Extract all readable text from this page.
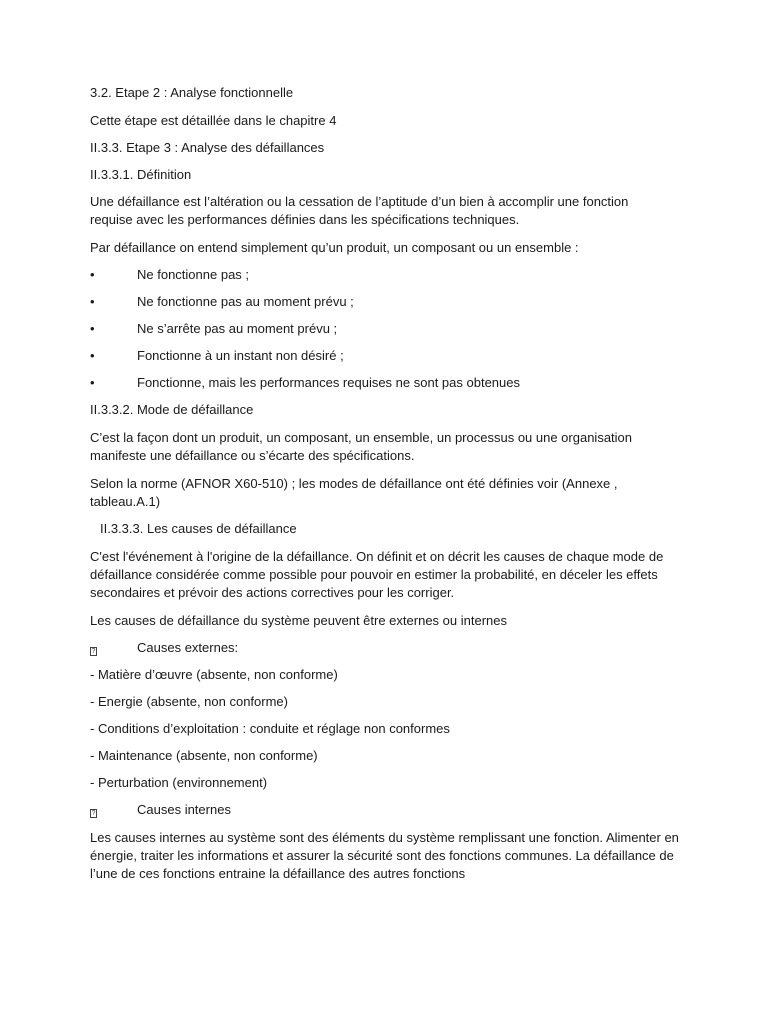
3.2. Etape 2 : Analyse fonctionnelle

Cette étape est détaillée dans le chapitre 4

II.3.3. Etape 3 : Analyse des défaillances

II.3.3.1. Définition

Une défaillance est l’altération ou la cessation de l’aptitude d’un bien à accomplir une fonction

requise avec les performances définies dans les spécifications techniques.

Par défaillance on entend simplement qu’un produit, un composant ou un ensemble :

•	Ne fonctionne pas ;
•	Ne fonctionne pas au moment prévu ;
•	Ne s’arrête pas au moment prévu ;
•	Fonctionne à un instant non désiré ;
•	Fonctionne, mais les performances requises ne sont pas obtenues

II.3.3.2. Mode de défaillance

C’est la façon dont un produit, un composant, un ensemble, un processus ou une organisation

manifeste une défaillance ou s’écarte des spécifications.

Selon la norme (AFNOR X60-510) ; les modes de défaillance ont été définies voir (Annexe ,

tableau.A.1)

II.3.3.3. Les causes de défaillance

C'est l'événement à l'origine de la défaillance. On définit et on décrit les causes de chaque mode de

défaillance considérée comme possible pour pouvoir en estimer la probabilité, en déceler les effets

secondaires et prévoir des actions correctives pour les corriger.

Les causes de défaillance du système peuvent être externes ou internes

?	Causes externes:

- Matière d’œuvre (absente, non conforme)

- Energie (absente, non conforme)

- Conditions d’exploitation : conduite et réglage non conformes

- Maintenance (absente, non conforme)

- Perturbation (environnement)

?	Causes internes

Les causes internes au système sont des éléments du système remplissant une fonction. Alimenter en

énergie, traiter les informations et assurer la sécurité sont des fonctions communes. La défaillance de

l’une de ces fonctions entraine la défaillance des autres fonctions
